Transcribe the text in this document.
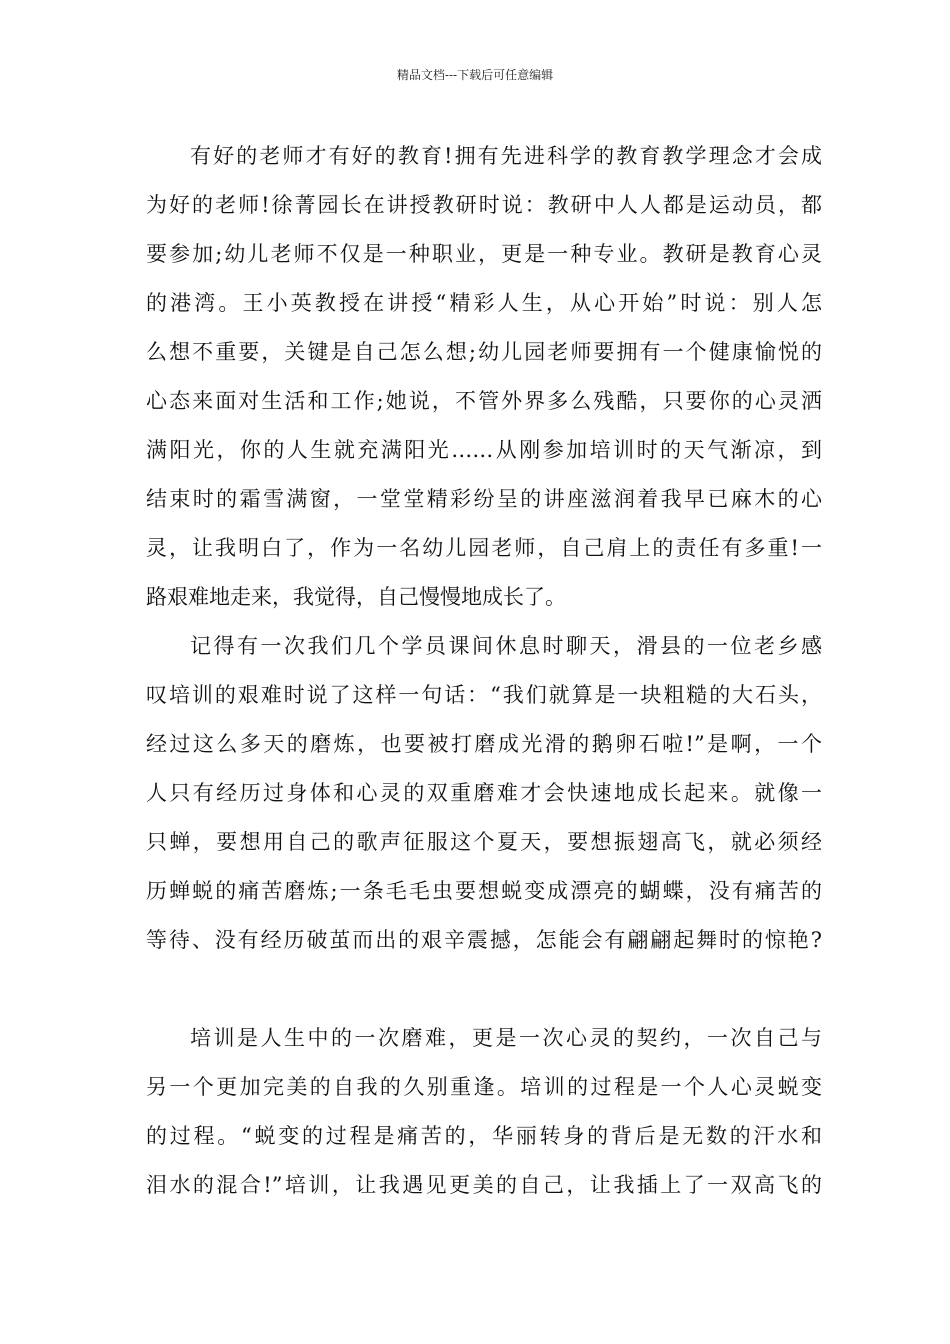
精品文档---下载后可任意编辑
有好的老师才有好的教育!拥有先进科学的教育教学理念才会成
为好的老师!徐菁园长在讲授教研时说：教研中人人都是运动员，都
要参加;幼儿老师不仅是一种职业，更是一种专业。教研是教育心灵
的港湾。王小英教授在讲授“精彩人生，从心开始”时说：别人怎
么想不重要，关键是自己怎么想;幼儿园老师要拥有一个健康愉悦的
心态来面对生活和工作;她说，不管外界多么残酷，只要你的心灵洒
满阳光，你的人生就充满阳光……从刚参加培训时的天气渐凉，到
结束时的霜雪满窗，一堂堂精彩纷呈的讲座滋润着我早已麻木的心
灵，让我明白了，作为一名幼儿园老师，自己肩上的责任有多重!一
路艰难地走来，我觉得，自己慢慢地成长了。
记得有一次我们几个学员课间休息时聊天，滑县的一位老乡感
叹培训的艰难时说了这样一句话：“我们就算是一块粗糙的大石头，
经过这么多天的磨炼，也要被打磨成光滑的鹅卵石啦!”是啊，一个
人只有经历过身体和心灵的双重磨难才会快速地成长起来。就像一
只蝉，要想用自己的歌声征服这个夏天，要想振翅高飞，就必须经
历蝉蜕的痛苦磨炼;一条毛毛虫要想蜕变成漂亮的蝴蝶，没有痛苦的
等待、没有经历破茧而出的艰辛震撼，怎能会有翩翩起舞时的惊艳?
培训是人生中的一次磨难，更是一次心灵的契约，一次自己与
另一个更加完美的自我的久别重逢。培训的过程是一个人心灵蜕变
的过程。“蜕变的过程是痛苦的，华丽转身的背后是无数的汗水和
泪水的混合!”培训，让我遇见更美的自己，让我插上了一双高飞的
